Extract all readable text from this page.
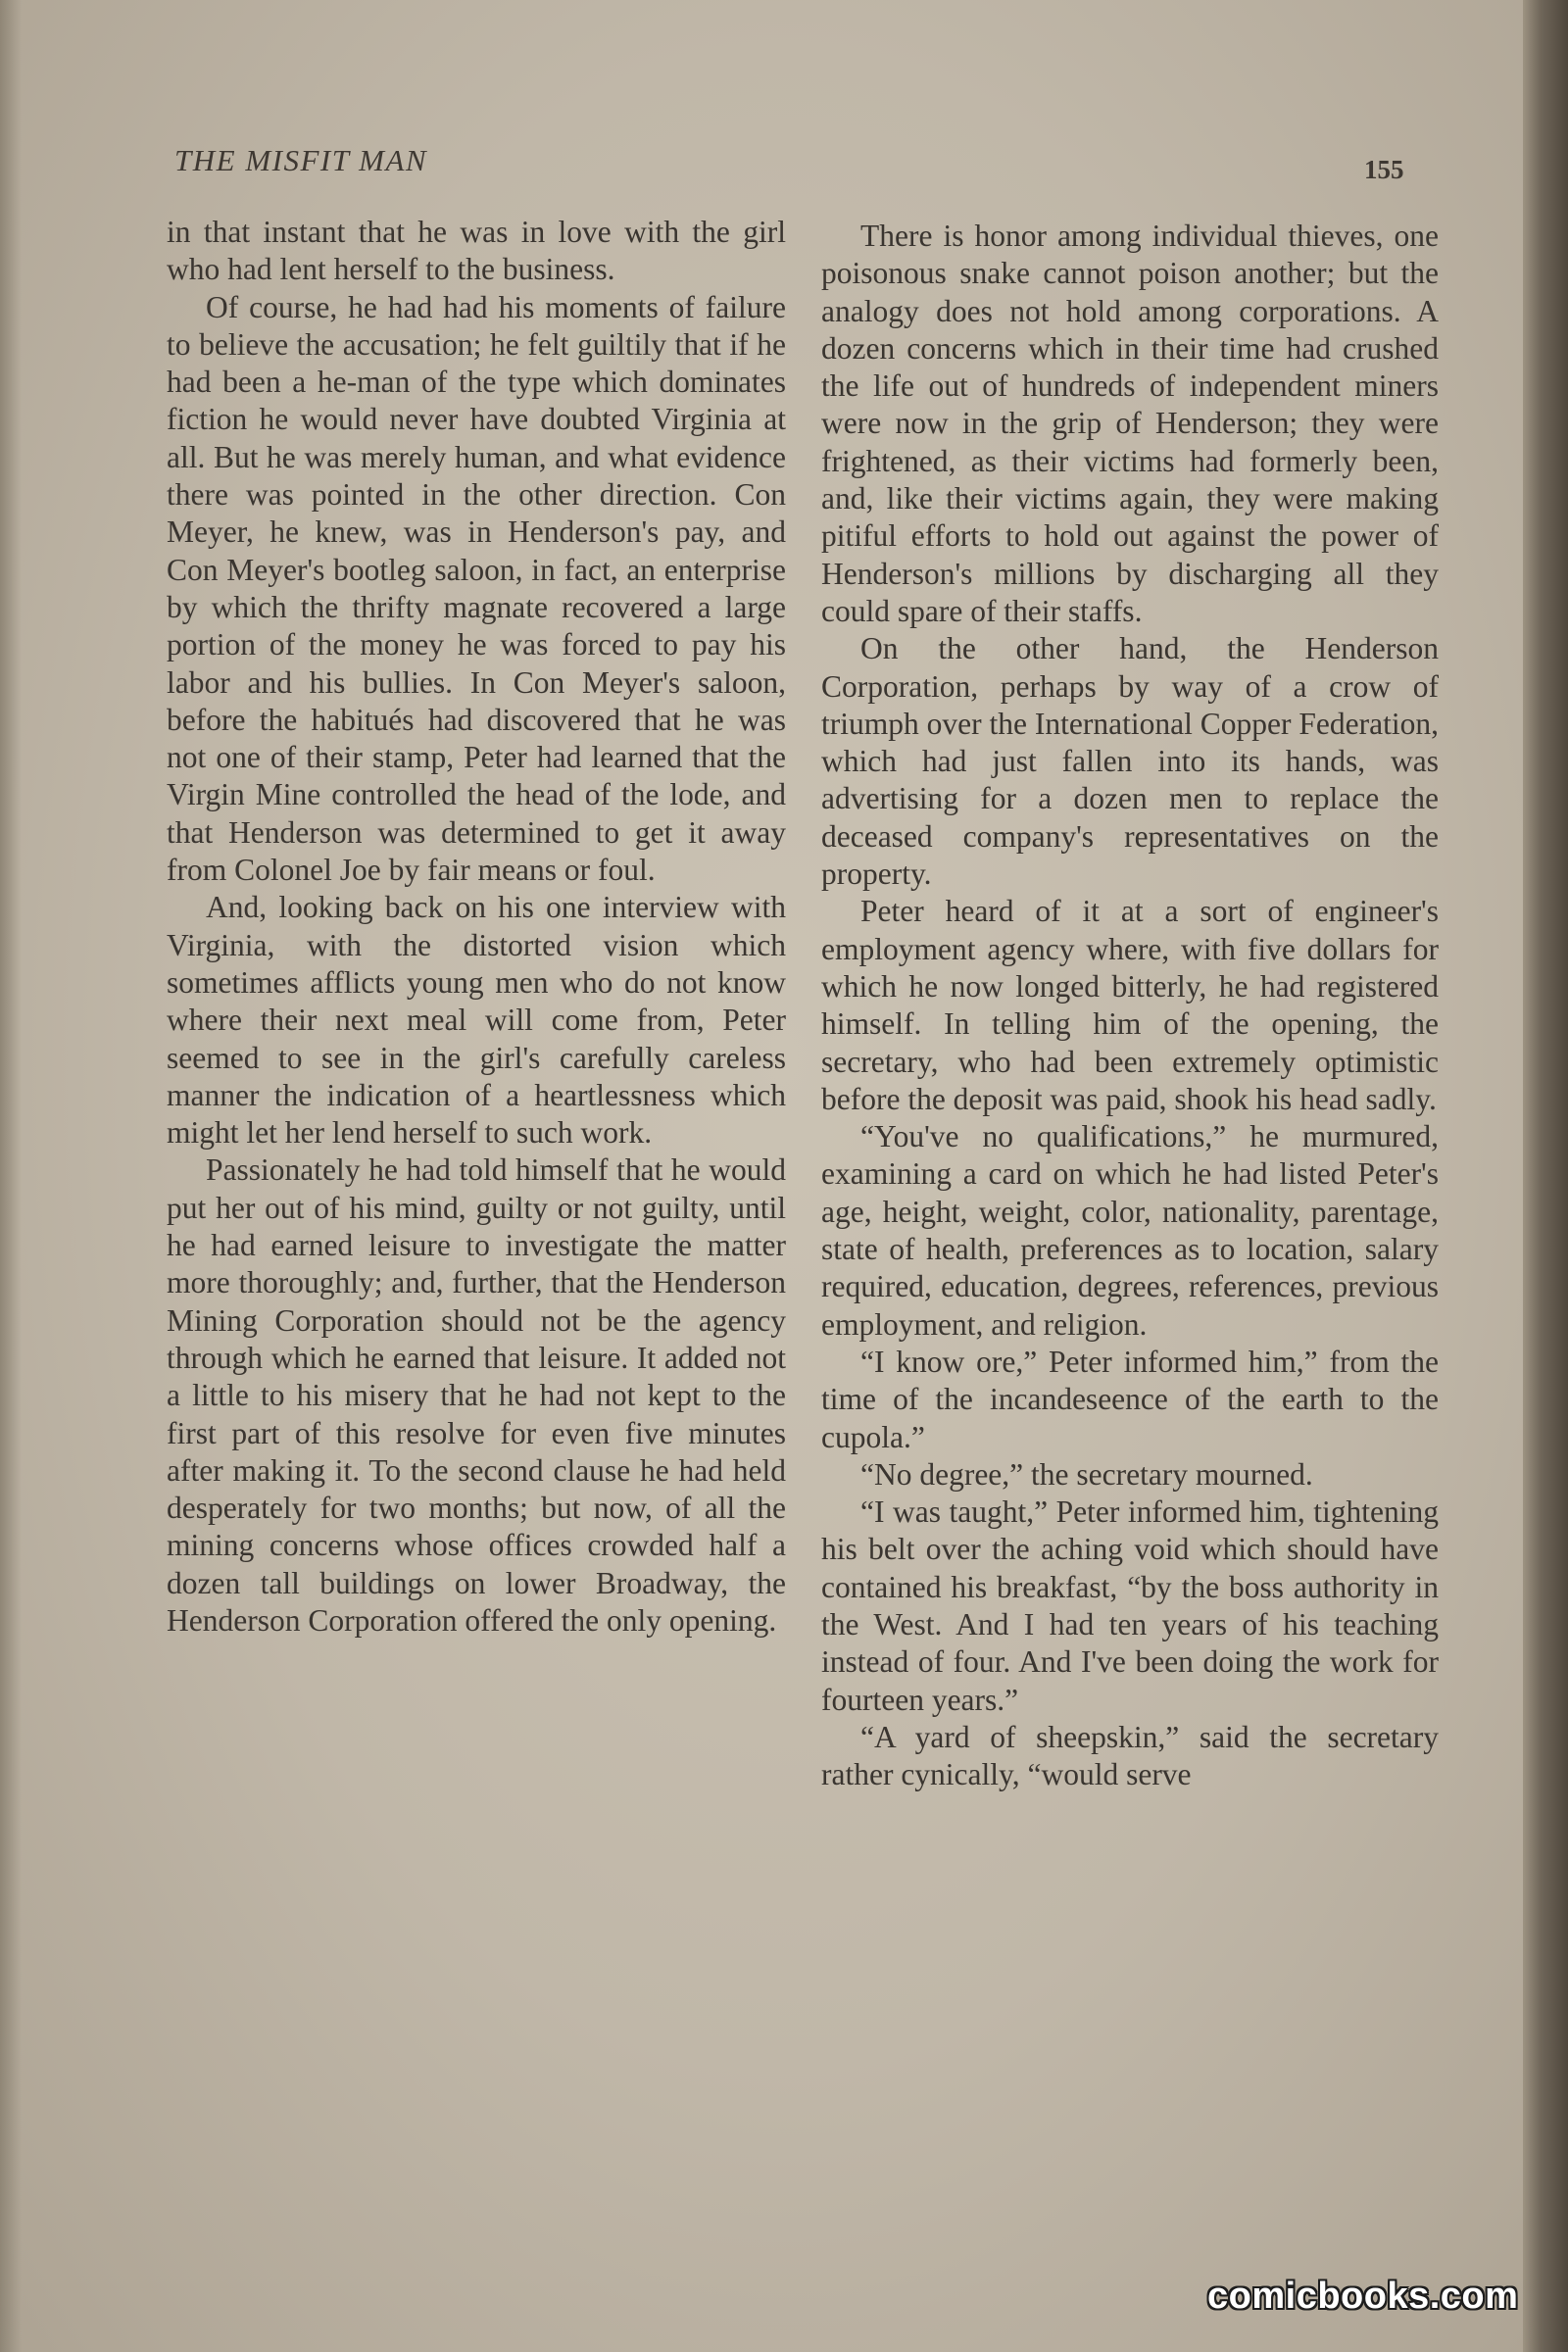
THE MISFIT MAN	155

in that instant that he was in love with the girl who had lent herself to the business.

Of course, he had had his moments of failure to believe the accusation; he felt guiltily that if he had been a he-man of the type which dominates fiction he would never have doubted Virginia at all. But he was merely human, and what evidence there was pointed in the other direction. Con Meyer, he knew, was in Henderson's pay, and Con Meyer's bootleg saloon, in fact, an enterprise by which the thrifty magnate recovered a large portion of the money he was forced to pay his labor and his bullies. In Con Meyer's saloon, before the habitués had discovered that he was not one of their stamp, Peter had learned that the Virgin Mine controlled the head of the lode, and that Henderson was determined to get it away from Colonel Joe by fair means or foul.

And, looking back on his one interview with Virginia, with the distorted vision which sometimes afflicts young men who do not know where their next meal will come from, Peter seemed to see in the girl's carefully careless manner the indication of a heartlessness which might let her lend herself to such work.

Passionately he had told himself that he would put her out of his mind, guilty or not guilty, until he had earned leisure to investigate the matter more thoroughly; and, further, that the Henderson Mining Corporation should not be the agency through which he earned that leisure. It added not a little to his misery that he had not kept to the first part of this resolve for even five minutes after making it. To the second clause he had held desperately for two months; but now, of all the mining concerns whose offices crowded half a dozen tall buildings on lower Broadway, the Henderson Corporation offered the only opening.

There is honor among individual thieves, one poisonous snake cannot poison another; but the analogy does not hold among corporations. A dozen concerns which in their time had crushed the life out of hundreds of independent miners were now in the grip of Henderson; they were frightened, as their victims had formerly been, and, like their victims again, they were making pitiful efforts to hold out against the power of Henderson's millions by discharging all they could spare of their staffs.

On the other hand, the Henderson Corporation, perhaps by way of a crow of triumph over the International Copper Federation, which had just fallen into its hands, was advertising for a dozen men to replace the deceased company's representatives on the property.

Peter heard of it at a sort of engineer's employment agency where, with five dollars for which he now longed bitterly, he had registered himself. In telling him of the opening, the secretary, who had been extremely optimistic before the deposit was paid, shook his head sadly.

“You've no qualifications,” he murmured, examining a card on which he had listed Peter's age, height, weight, color, nationality, parentage, state of health, preferences as to location, salary required, education, degrees, references, previous employment, and religion.

“I know ore,” Peter informed him,” from the time of the incandeseence of the earth to the cupola.”

“No degree,” the secretary mourned.

“I was taught,” Peter informed him, tightening his belt over the aching void which should have contained his breakfast, “by the boss authority in the West. And I had ten years of his teaching instead of four. And I've been doing the work for fourteen years.”

“A yard of sheepskin,” said the secretary rather cynically, “would serve

comicbooks.com
